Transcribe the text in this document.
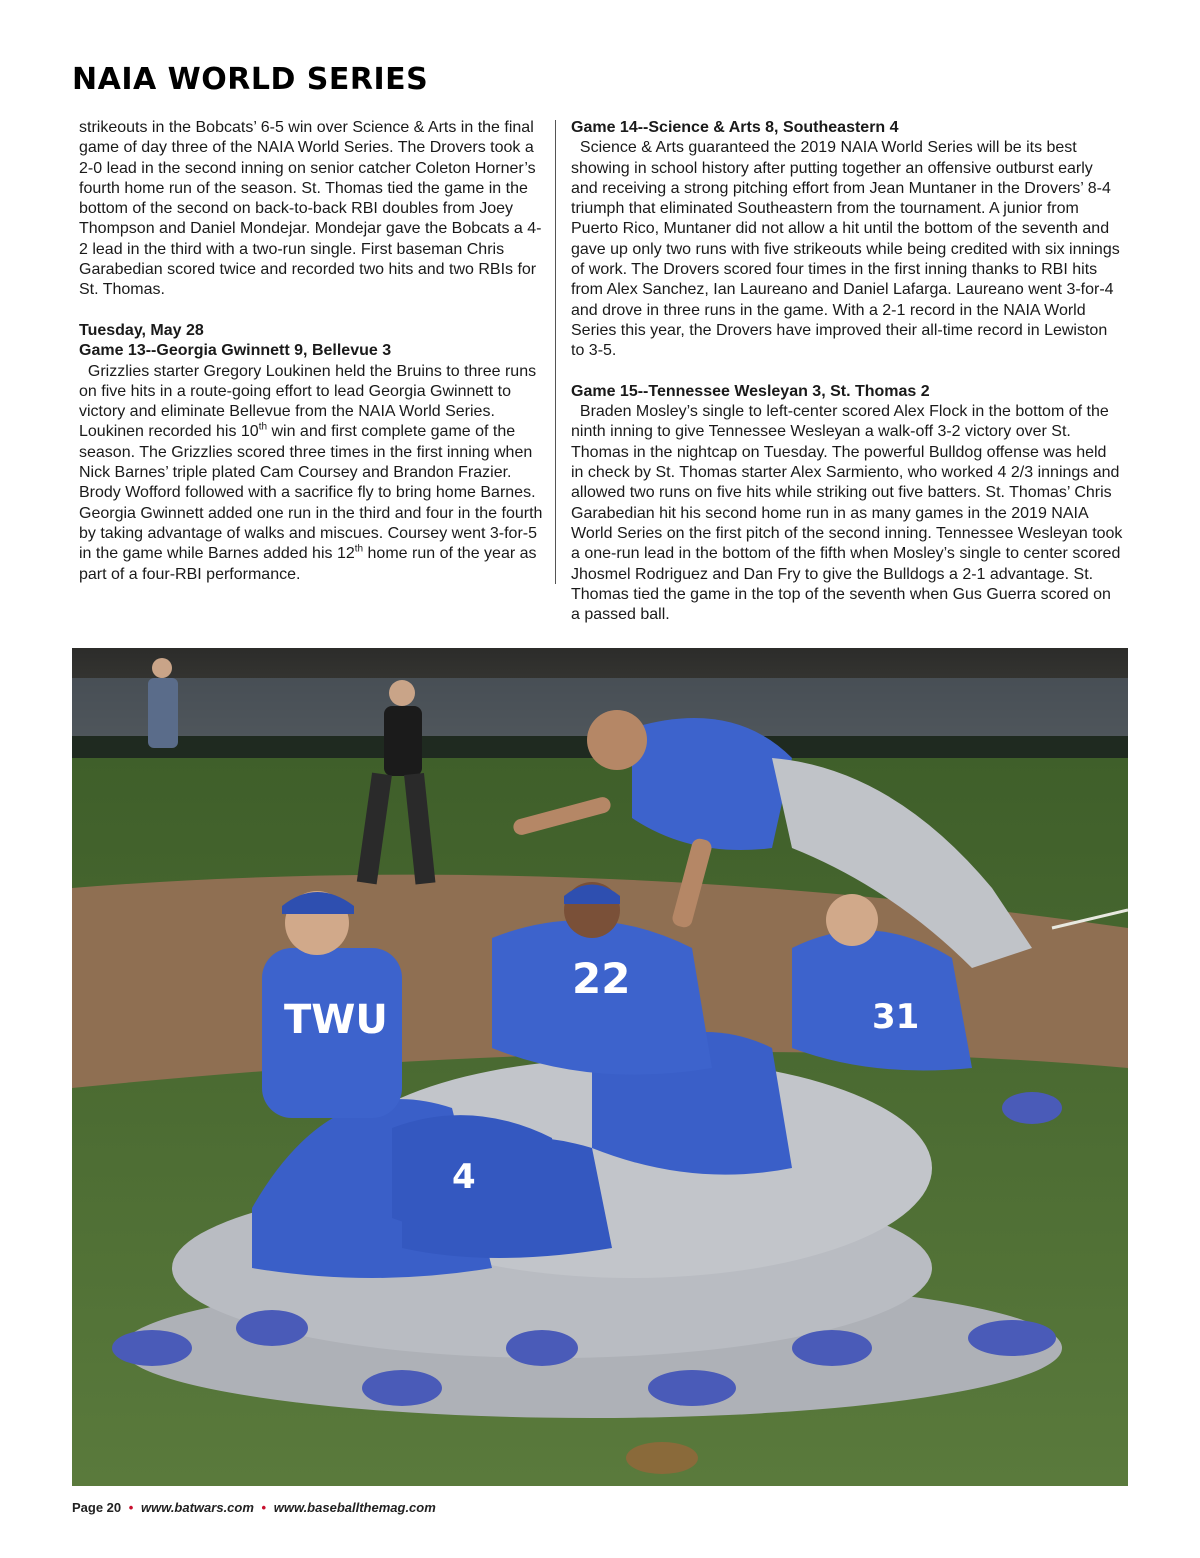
NAIA WORLD SERIES

strikeouts in the Bobcats’ 6-5 win over Science & Arts in the final game of day three of the NAIA World Series. The Drovers took a 2-0 lead in the second inning on senior catcher Coleton Horner’s fourth home run of the season. St. Thomas tied the game in the bottom of the second on back-to-back RBI doubles from Joey Thompson and Daniel Mondejar. Mondejar gave the Bobcats a 4-2 lead in the third with a two-run single. First baseman Chris Garabedian scored twice and recorded two hits and two RBIs for St. Thomas.

Tuesday, May 28

Game 13--Georgia Gwinnett 9, Bellevue 3

Grizzlies starter Gregory Loukinen held the Bruins to three runs on five hits in a route-going effort to lead Georgia Gwinnett to victory and eliminate Bellevue from the NAIA World Series. Loukinen recorded his 10th win and first complete game of the season. The Grizzlies scored three times in the first inning when Nick Barnes’ triple plated Cam Coursey and Brandon Frazier. Brody Wofford followed with a sacrifice fly to bring home Barnes. Georgia Gwinnett added one run in the third and four in the fourth by taking advantage of walks and miscues. Coursey went 3-for-5 in the game while Barnes added his 12th home run of the year as part of a four-RBI performance.

Game 14--Science & Arts 8, Southeastern 4

Science & Arts guaranteed the 2019 NAIA World Series will be its best showing in school history after putting together an offensive outburst early and receiving a strong pitching effort from Jean Muntaner in the Drovers’ 8-4 triumph that eliminated Southeastern from the tournament. A junior from Puerto Rico, Muntaner did not allow a hit until the bottom of the seventh and gave up only two runs with five strikeouts while being credited with six innings of work. The Drovers scored four times in the first inning thanks to RBI hits from Alex Sanchez, Ian Laureano and Daniel Lafarga. Laureano went 3-for-4 and drove in three runs in the game. With a 2-1 record in the NAIA World Series this year, the Drovers have improved their all-time record in Lewiston to 3-5.

Game 15--Tennessee Wesleyan 3, St. Thomas 2

Braden Mosley’s single to left-center scored Alex Flock in the bottom of the ninth inning to give Tennessee Wesleyan a walk-off 3-2 victory over St. Thomas in the nightcap on Tuesday. The powerful Bulldog offense was held in check by St. Thomas starter Alex Sarmiento, who worked 4 2/3 innings and allowed two runs on five hits while striking out five batters. St. Thomas’ Chris Garabedian hit his second home run in as many games in the 2019 NAIA World Series on the first pitch of the second inning. Tennessee Wesleyan took a one-run lead in the bottom of the fifth when Mosley’s single to center scored Jhosmel Rodriguez and Dan Fry to give the Bulldogs a 2-1 advantage. St. Thomas tied the game in the top of the seventh when Gus Guerra scored on a passed ball.

TWU
22
31
4
Page 20 • www.batwars.com • www.baseballthemag.com
